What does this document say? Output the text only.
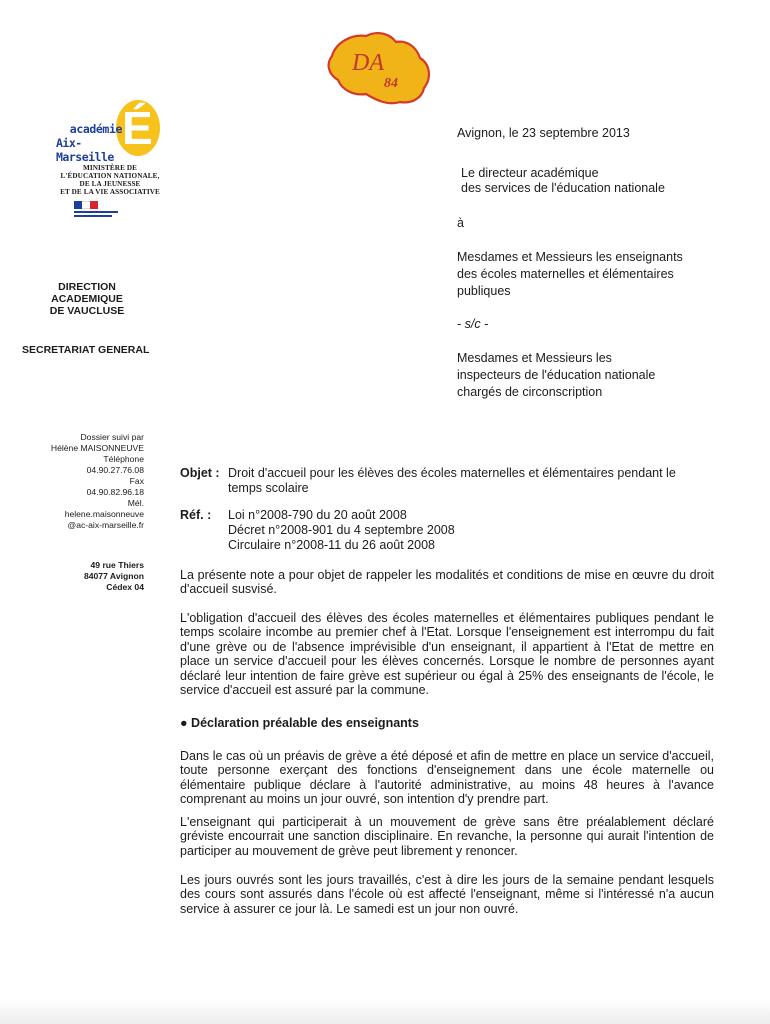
DA
84
É
académie
Aix-Marseille
MINISTÈRE DE
L'ÉDUCATION NATIONALE,
DE LA JEUNESSE
ET DE LA VIE ASSOCIATIVE
DIRECTION ACADEMIQUE
DE VAUCLUSE
SECRETARIAT GENERAL
Dossier suivi par
Hélène MAISONNEUVE
Téléphone
04.90.27.76.08
Fax
04.90.82.96.18
Mél.
helene.maisonneuve
@ac-aix-marseille.fr
49 rue Thiers
84077 Avignon
Cédex 04
Avignon, le 23 septembre 2013
Le directeur académique
des services de l'éducation nationale
à
Mesdames et Messieurs les enseignants
des écoles maternelles et élémentaires
publiques
- s/c -
Mesdames et Messieurs les
inspecteurs de l'éducation nationale
chargés de circonscription
Objet : Droit d'accueil pour les élèves des écoles maternelles et élémentaires pendant le
temps scolaire
Réf. : Loi n°2008-790 du 20 août 2008
Décret n°2008-901 du 4 septembre 2008
Circulaire n°2008-11 du 26 août 2008
La présente note a pour objet de rappeler les modalités et conditions de mise en œuvre du droit d'accueil susvisé.
L'obligation d'accueil des élèves des écoles maternelles et élémentaires publiques pendant le temps scolaire incombe au premier chef à l'Etat. Lorsque l'enseignement est interrompu du fait d'une grève ou de l'absence imprévisible d'un enseignant, il appartient à l'Etat de mettre en place un service d'accueil pour les élèves concernés. Lorsque le nombre de personnes ayant déclaré leur intention de faire grève est supérieur ou égal à 25% des enseignants de l'école, le service d'accueil est assuré par la commune.
● Déclaration préalable des enseignants
Dans le cas où un préavis de grève a été déposé et afin de mettre en place un service d'accueil, toute personne exerçant des fonctions d'enseignement dans une école maternelle ou élémentaire publique déclare à l'autorité administrative, au moins 48 heures à l'avance comprenant au moins un jour ouvré, son intention d'y prendre part.
L'enseignant qui participerait à un mouvement de grève sans être préalablement déclaré gréviste encourrait une sanction disciplinaire. En revanche, la personne qui aurait l'intention de participer au mouvement de grève peut librement y renoncer.
Les jours ouvrés sont les jours travaillés, c'est à dire les jours de la semaine pendant lesquels des cours sont assurés dans l'école où est affecté l'enseignant, même si l'intéressé n'a aucun service à assurer ce jour là. Le samedi est un jour non ouvré.
